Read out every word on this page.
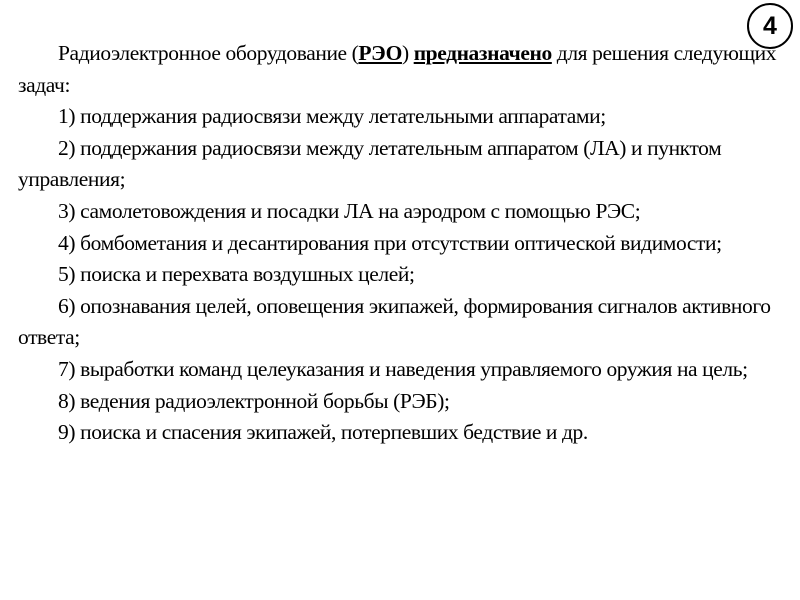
4

Радиоэлектронное оборудование (РЭО) предназначено для решения следующих задач:

1) поддержания радиосвязи между летательными аппаратами;

2) поддержания радиосвязи между летательным аппаратом (ЛА) и пунктом управления;

3) самолетовождения и посадки ЛА на аэродром с помощью РЭС;

4) бомбометания и десантирования при отсутствии оптической видимости;

5) поиска и перехвата воздушных целей;

6) опознавания целей, оповещения экипажей, формирования сигналов активного ответа;

7) выработки команд целеуказания и наведения управляемого оружия на цель;

8) ведения радиоэлектронной борьбы (РЭБ);

9) поиска и спасения экипажей, потерпевших бедствие и др.
